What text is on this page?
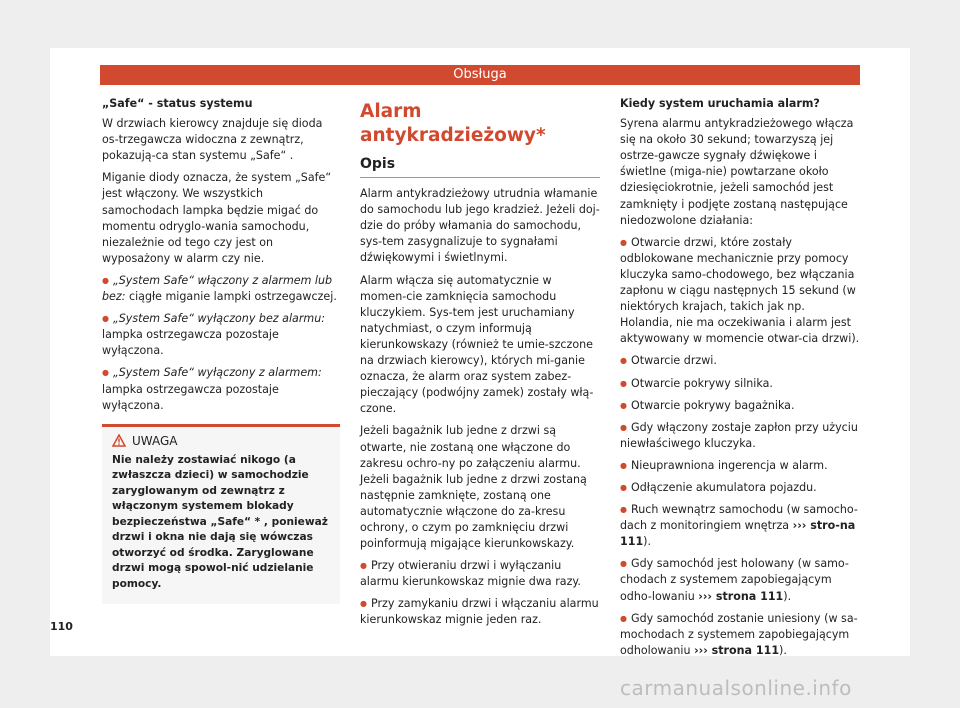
Obsługa

„Safe“ - status systemu

W drzwiach kierowcy znajduje się dioda os-trzegawcza widoczna z zewnątrz, pokazują-ca stan systemu „Safe“ .

Miganie diody oznacza, że system „Safe“ jest włączony. We wszystkich samochodach lampka będzie migać do momentu odryglo-wania samochodu, niezależnie od tego czy jest on wyposażony w alarm czy nie.

● „System Safe“ włączony z alarmem lub bez: ciągłe miganie lampki ostrzegawczej.

● „System Safe“ wyłączony bez alarmu: lampka ostrzegawcza pozostaje wyłączona.

● „System Safe“ wyłączony z alarmem: lampka ostrzegawcza pozostaje wyłączona.

UWAGA
Nie należy zostawiać nikogo (a zwłaszcza dzieci) w samochodzie zaryglowanym od zewnątrz z włączonym systemem blokady bezpieczeństwa „Safe“ * , ponieważ drzwi i okna nie dają się wówczas otworzyć od środka. Zaryglowane drzwi mogą spowol-nić udzielanie pomocy.
Alarm antykradzieżowy*
Opis

Alarm antykradzieżowy utrudnia włamanie do samochodu lub jego kradzież. Jeżeli doj-dzie do próby włamania do samochodu, sys-tem zasygnalizuje to sygnałami dźwiękowymi i świetlnymi.

Alarm włącza się automatycznie w momen-cie zamknięcia samochodu kluczykiem. Sys-tem jest uruchamiany natychmiast, o czym informują kierunkowskazy (również te umie-szczone na drzwiach kierowcy), których mi-ganie oznacza, że alarm oraz system zabez-pieczający (podwójny zamek) zostały włą-czone.

Jeżeli bagażnik lub jedne z drzwi są otwarte, nie zostaną one włączone do zakresu ochro-ny po załączeniu alarmu. Jeżeli bagażnik lub jedne z drzwi zostaną następnie zamknięte, zostaną one automatycznie włączone do za-kresu ochrony, o czym po zamknięciu drzwi poinformują migające kierunkowskazy.

● Przy otwieraniu drzwi i wyłączaniu alarmu kierunkowskaz mignie dwa razy.

● Przy zamykaniu drzwi i włączaniu alarmu kierunkowskaz mignie jeden raz.

Kiedy system uruchamia alarm?

Syrena alarmu antykradzieżowego włącza się na około 30 sekund; towarzyszą jej ostrze-gawcze sygnały dźwiękowe i świetlne (miga-nie) powtarzane około dziesięciokrotnie, jeżeli samochód jest zamknięty i podjęte zostaną następujące niedozwolone działania:

● Otwarcie drzwi, które zostały odblokowane mechanicznie przy pomocy kluczyka samo-chodowego, bez włączania zapłonu w ciągu następnych 15 sekund (w niektórych krajach, takich jak np. Holandia, nie ma oczekiwania i alarm jest aktywowany w momencie otwar-cia drzwi).

● Otwarcie drzwi.

● Otwarcie pokrywy silnika.

● Otwarcie pokrywy bagażnika.

● Gdy włączony zostaje zapłon przy użyciu niewłaściwego kluczyka.

● Nieuprawniona ingerencja w alarm.

● Odłączenie akumulatora pojazdu.

● Ruch wewnątrz samochodu (w samocho-dach z monitoringiem wnętrza ››› stro-na 111).

● Gdy samochód jest holowany (w samo-chodach z systemem zapobiegającym odho-lowaniu ››› strona 111).

● Gdy samochód zostanie uniesiony (w sa-mochodach z systemem zapobiegającym odholowaniu ››› strona 111).

110
carmanualsonline.info
